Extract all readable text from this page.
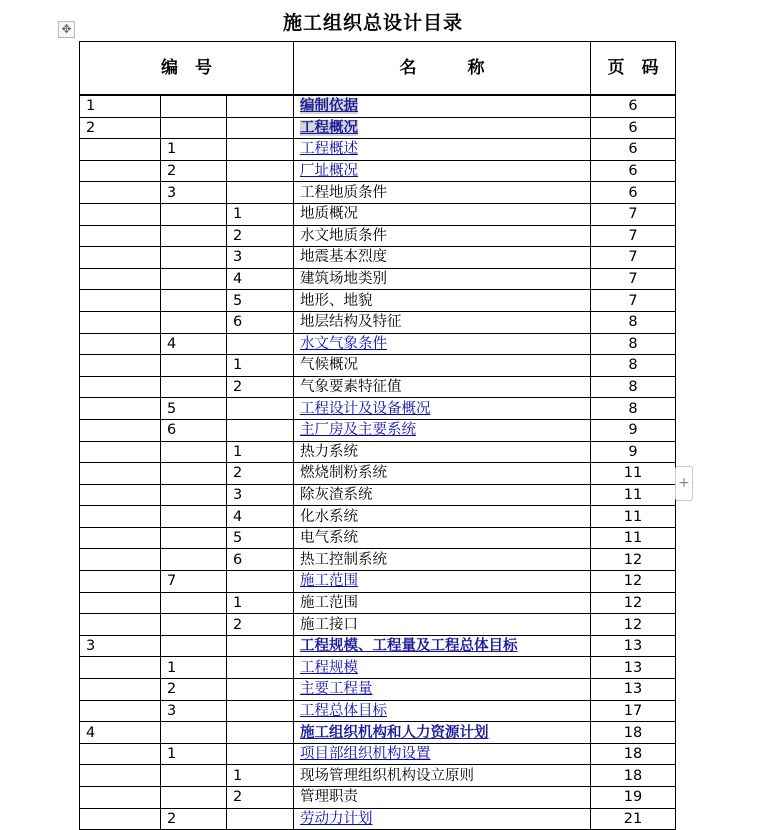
施工组织总设计目录
✥
编　号			名　　　称	页　码

1			编制依据	6
2			工程概况	6
	1		工程概述	6
	2		厂址概况	6
	3		工程地质条件	6
		1	地质概况	7
		2	水文地质条件	7
		3	地震基本烈度	7
		4	建筑场地类别	7
		5	地形、地貌	7
		6	地层结构及特征	8
	4		水文气象条件	8
		1	气候概况	8
		2	气象要素特征值	8
	5		工程设计及设备概况	8
	6		主厂房及主要系统	9
		1	热力系统	9
		2	燃烧制粉系统	11
		3	除灰渣系统	11
		4	化水系统	11
		5	电气系统	11
		6	热工控制系统	12
	7		施工范围	12
		1	施工范围	12
		2	施工接口	12
3			工程规模、工程量及工程总体目标	13
	1		工程规模	13
	2		主要工程量	13
	3		工程总体目标	17
4			施工组织机构和人力资源计划	18
	1		项目部组织机构设置	18
		1	现场管理组织机构设立原则	18
		2	管理职责	19
	2		劳动力计划	21
+
